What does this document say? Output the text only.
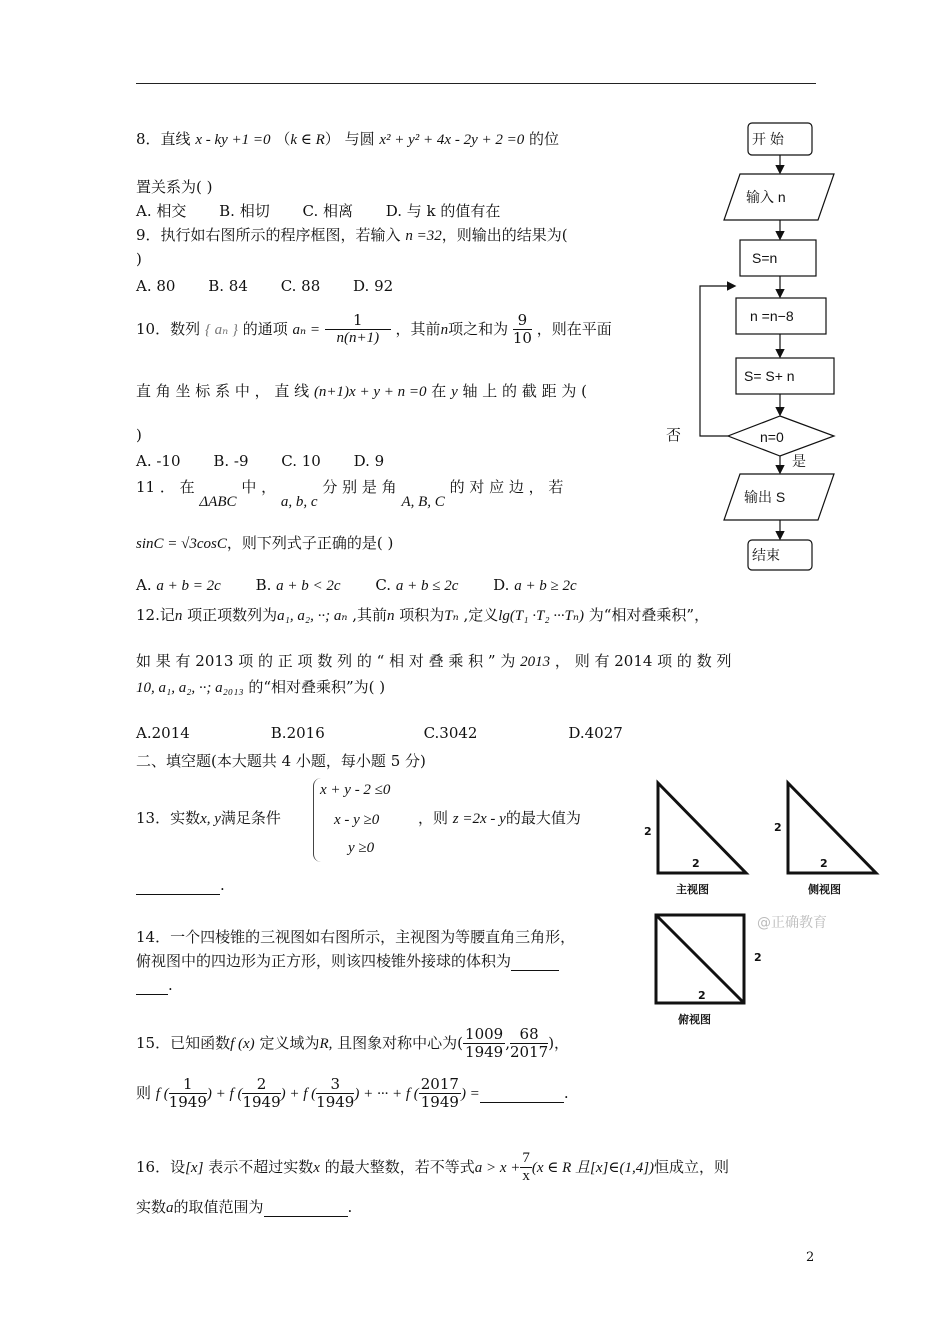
8．直线 x - ky +1 =0 （k ∈ R） 与圆 x² + y² + 4x - 2y + 2 =0 的位
置关系为( )
A. 相交 B. 相切 C. 相离 D. 与 k 的值有在
9．执行如右图所示的程序框图，若输入 n =32，则输出的结果为(
)
A. 80 B. 84 C. 88 D. 92
10．数列 { aₙ } 的通项 $a_n = \frac{1}{n(n+1)}$ ，其前n项之和为 $\frac{9}{10}$ ，则在平面
直 角 坐 标 系 中 ， 直 线 (n+1)x + y + n =0 在 y 轴 上 的 截 距 为 (
)
A. -10 B. -9 C. 10 D. 9
11 ． 在 ΔABC 中 ， a, b, c 分 别 是 角 A, B, C 的 对 应 边 ， 若
sinC = √3cosC，则下列式子正确的是( )
A. a + b = 2c B. a + b < 2c C. a + b ≤ 2c D. a + b ≥ 2c
12.记n 项正项数列为a₁, a₂, ··; aₙ ,其前n 项积为Tₙ ,定义lg(T₁ ·T₂ ···Tₙ) 为“相对叠乘积”，
如 果 有 2013 项 的 正 项 数 列 的 “ 相 对 叠 乘 积 ” 为 2013 ， 则 有 2014 项 的 数 列
10, a₁, a₂, ··; a₂₀₁₃ 的“相对叠乘积”为( )
A.2014	B.2016	C.3042	D.4027
二、填空题(本大题共 4 小题，每小题 5 分)
x + y - 2 ≤0
x - y ≥0
y ≥0
13．实数x, y满足条件	，则 z =2x - y的最大值为
.
14．一个四棱锥的三视图如右图所示，主视图为等腰直角三角形，
俯视图中的四边形为正方形，则该四棱锥外接球的体积为
.
15．已知函数f (x) 定义域为R, 且图象对称中心为( $\frac{1009}{1949}$ , $\frac{68}{2017}$ )，
则 f ( $\frac{1}{1949}$ ) + f ( $\frac{2}{1949}$ ) + f ( $\frac{3}{1949}$ ) + ··· + f ( $\frac{2017}{1949}$ ) =	.
16．设[x] 表示不超过实数x 的最大整数，若不等式$a > x + \frac{7}{x} (x$ ∈ R 且[x]∈(1,4])恒成立，则
实数a的取值范围为	.
开 始
输入 n
S=n
n =n−8
S= S+ n
n=0
是
输出 S
结束
否
2
2
2
2
2
2
主视图	侧视图
俯视图
@正确教育
2
